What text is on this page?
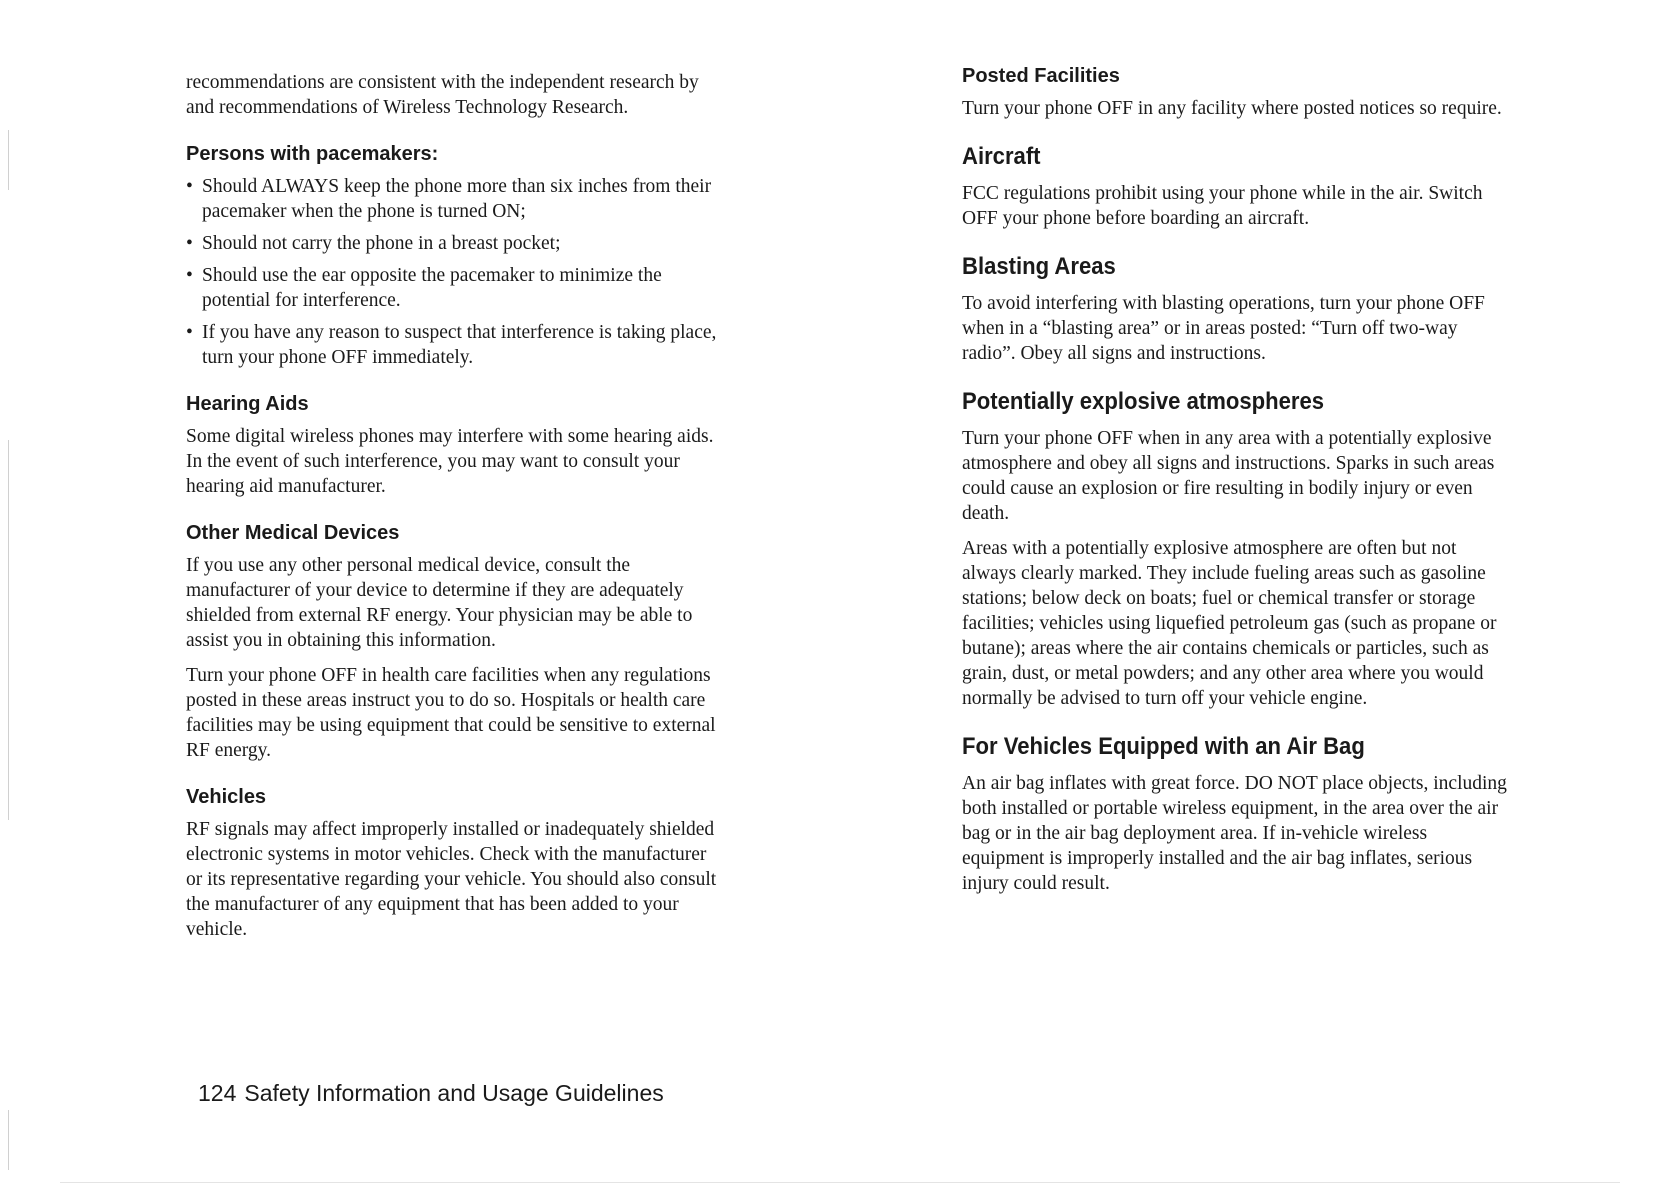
recommendations are consistent with the independent research by and recommendations of Wireless Technology Research.

Persons with pacemakers:
• Should ALWAYS keep the phone more than six inches from their pacemaker when the phone is turned ON;
• Should not carry the phone in a breast pocket;
• Should use the ear opposite the pacemaker to minimize the potential for interference.
• If you have any reason to suspect that interference is taking place, turn your phone OFF immediately.
Hearing Aids

Some digital wireless phones may interfere with some hearing aids. In the event of such interference, you may want to consult your hearing aid manufacturer.

Other Medical Devices

If you use any other personal medical device, consult the manufacturer of your device to determine if they are adequately shielded from external RF energy. Your physician may be able to assist you in obtaining this information.

Turn your phone OFF in health care facilities when any regulations posted in these areas instruct you to do so. Hospitals or health care facilities may be using equipment that could be sensitive to external RF energy.

Vehicles

RF signals may affect improperly installed or inadequately shielded electronic systems in motor vehicles. Check with the manufacturer or its representative regarding your vehicle. You should also consult the manufacturer of any equipment that has been added to your vehicle.

124 Safety Information and Usage Guidelines
Posted Facilities

Turn your phone OFF in any facility where posted notices so require.

Aircraft

FCC regulations prohibit using your phone while in the air. Switch OFF your phone before boarding an aircraft.

Blasting Areas

To avoid interfering with blasting operations, turn your phone OFF when in a “blasting area” or in areas posted: “Turn off two-way radio”. Obey all signs and instructions.

Potentially explosive atmospheres

Turn your phone OFF when in any area with a potentially explosive atmosphere and obey all signs and instructions. Sparks in such areas could cause an explosion or fire resulting in bodily injury or even death.

Areas with a potentially explosive atmosphere are often but not always clearly marked. They include fueling areas such as gasoline stations; below deck on boats; fuel or chemical transfer or storage facilities; vehicles using liquefied petroleum gas (such as propane or butane); areas where the air contains chemicals or particles, such as grain, dust, or metal powders; and any other area where you would normally be advised to turn off your vehicle engine.

For Vehicles Equipped with an Air Bag

An air bag inflates with great force. DO NOT place objects, including both installed or portable wireless equipment, in the area over the air bag or in the air bag deployment area. If in-vehicle wireless equipment is improperly installed and the air bag inflates, serious injury could result.
